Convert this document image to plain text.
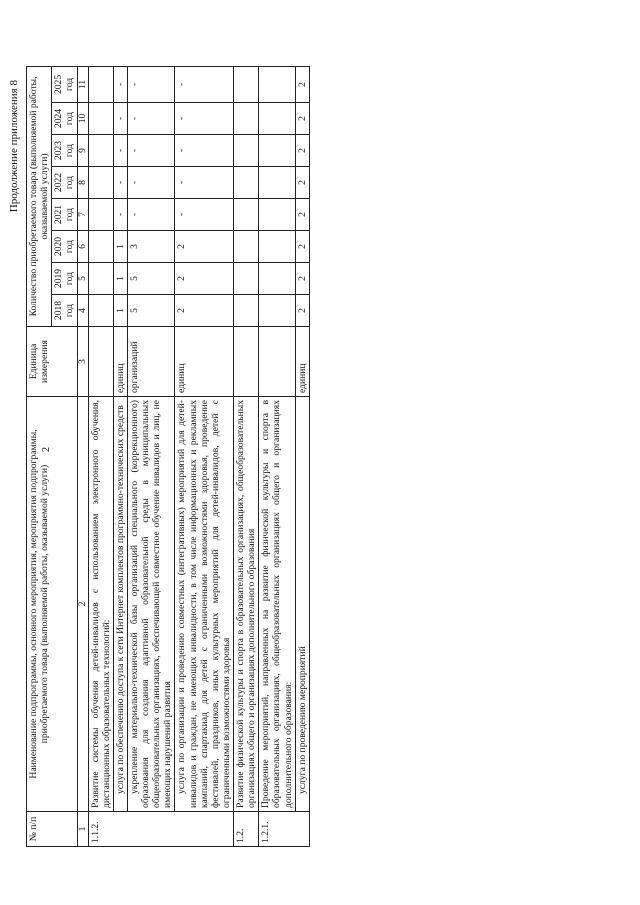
2
Продолжение приложения 8
№ п/п	Наименование подпрограммы, основного мероприятия, мероприятия подпрограммы, приобретаемого товара (выполняемой работы, оказываемой услуги)	Единица измерения	Количество приобретаемого товара (выполняемой работы, оказываемой услуги)							
			2018 год	2019 год	2020 год	2021 год	2022 год	2023 год	2024 год	2025 год
1	2	3	4	5	6	7	8	9	10	11
1.1.2.	Развитие системы обучения детей-инвалидов с использованием электронного обучения, дистанционных образовательных технологий:									
	услуга по обеспечению доступа к сети Интернет комплектов программно-технических средств	единиц	1	1	1	-	-	-	-	-
	укрепление материально-технической базы организаций специального (коррекционного) образования для создания адаптивной образовательной среды в муниципальных общеобразовательных организациях, обеспечивающей совместное обучение инвалидов и лиц, не имеющих нарушений развития	организаций	5	5	3	-	-	-	-	-
	услуга по организации и проведению совместных (интегративных) мероприятий для детей-инвалидов и граждан, не имеющих инвалидности, в том числе информационных и рекламных кампаний, спартакиад для детей с ограниченными возможностями здоровья, проведение фестивалей, праздников, иных культурных мероприятий для детей-инвалидов, детей с ограниченными возможностями здоровья	единиц	2	2	2	-	-	-	-	-
1.2.	Развитие физической культуры и спорта в образовательных организациях, общеобразовательных организациях общего и организациях дополнительного образования									
1.2.1.	Проведение мероприятий, направленных на развитие физической культуры и спорта в образовательных организациях, общеобразовательных организациях общего и организациях дополнительного образования:									
	услуга по проведению мероприятий	единиц	2	2	2	2	2	2	2	2
